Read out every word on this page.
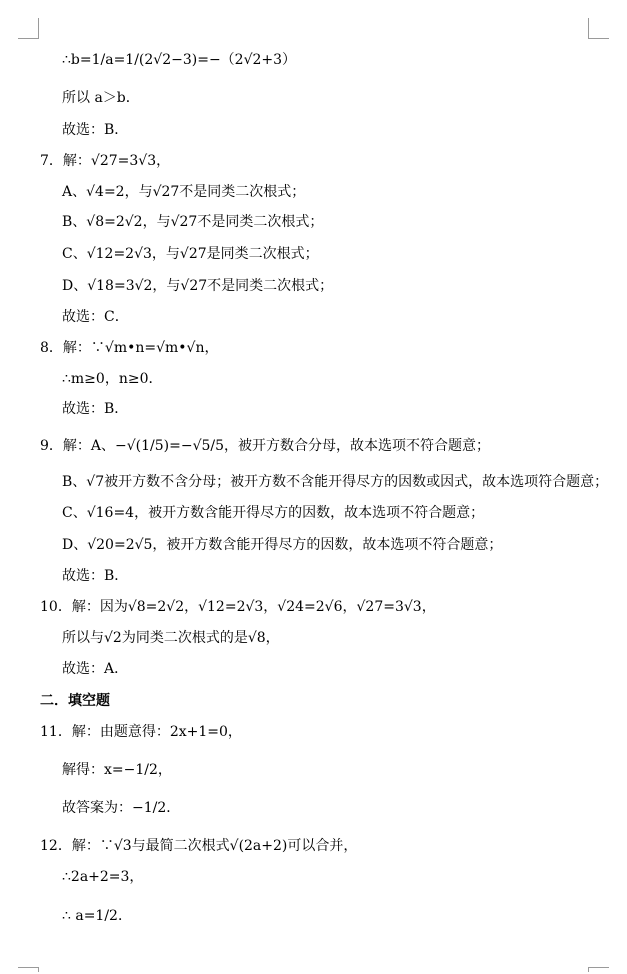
∴b=1/a=1/(2√2−3)=−（2√2+3）
所以 a＞b．
故选：B．
7．解：√27=3√3，
A、√4=2，与√27不是同类二次根式；
B、√8=2√2，与√27不是同类二次根式；
C、√12=2√3，与√27是同类二次根式；
D、√18=3√2，与√27不是同类二次根式；
故选：C．
8．解：∵√m•n=√m•√n，
∴m≥0，n≥0．
故选：B．
9．解：A、−√(1/5)=−√5/5，被开方数合分母，故本选项不符合题意；
B、√7被开方数不含分母；被开方数不含能开得尽方的因数或因式，故本选项符合题意；
C、√16=4，被开方数含能开得尽方的因数，故本选项不符合题意；
D、√20=2√5，被开方数含能开得尽方的因数，故本选项不符合题意；
故选：B．
10．解：因为√8=2√2，√12=2√3，√24=2√6，√27=3√3，
所以与√2为同类二次根式的是√8，
故选：A．
二．填空题
11．解：由题意得：2x+1=0，
解得：x=−1/2，
故答案为：−1/2．
12．解：∵√3与最简二次根式√(2a+2)可以合并，
∴2a+2=3，
∴ a=1/2．
